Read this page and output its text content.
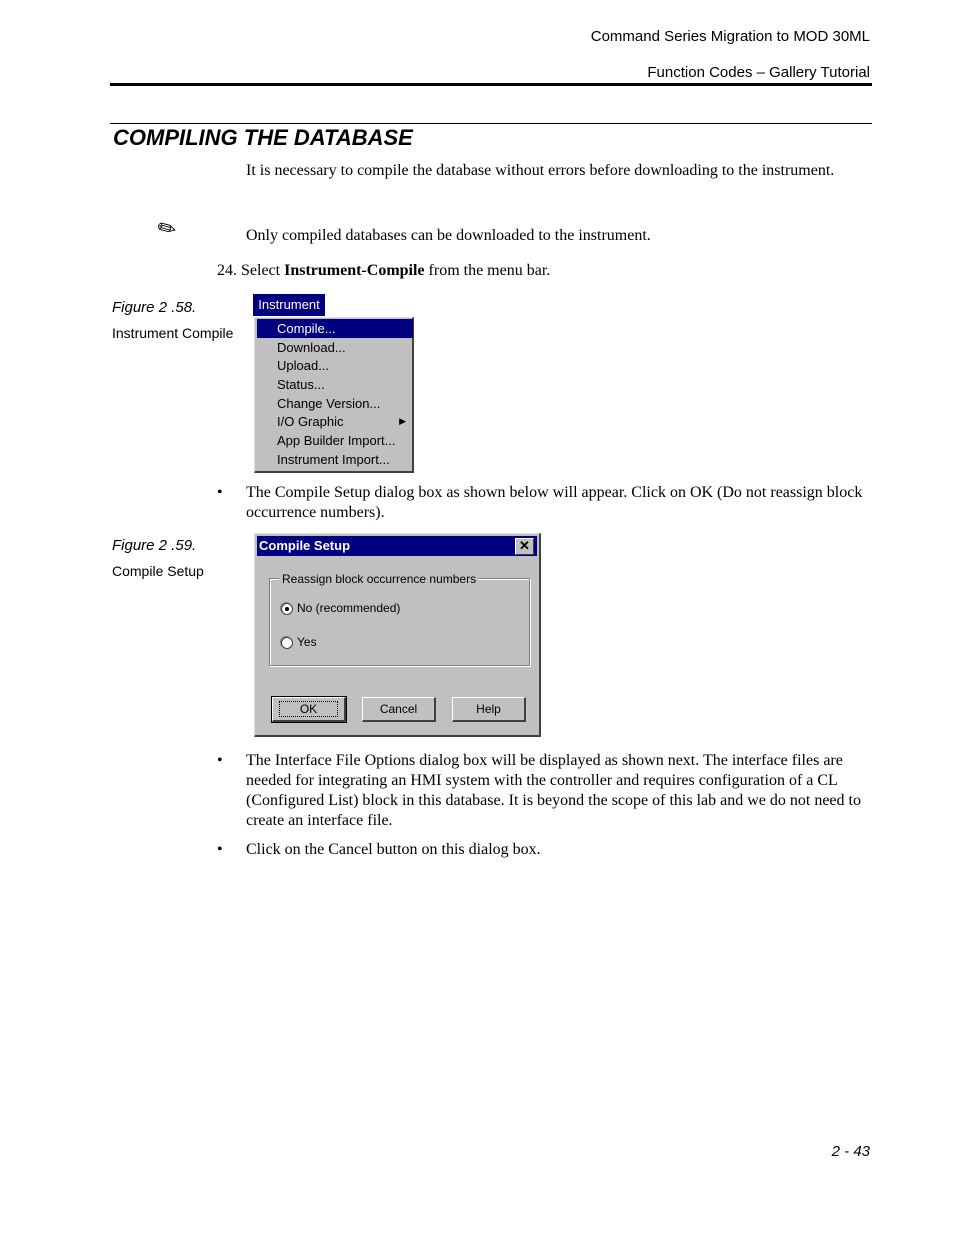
Command Series Migration to MOD 30ML
Function Codes – Gallery Tutorial
COMPILING THE DATABASE
It is necessary to compile the database without errors before downloading to the instrument.
✎	Only compiled databases can be downloaded to the instrument.
24. Select Instrument-Compile from the menu bar.
Figure 2 .58.
Instrument Compile
Instrument
Compile...
Download...
Upload...
Status...
Change Version...
I/O Graphic	▶
App Builder Import...
Instrument Import...
• The Compile Setup dialog box as shown below will appear. Click on OK (Do not reassign block occurrence numbers).
Figure 2 .59.
Compile Setup
Compile Setup	✕
Reassign block occurrence numbers
No (recommended)
Yes
OK	Cancel	Help
• The Interface File Options dialog box will be displayed as shown next. The interface files are needed for integrating an HMI system with the controller and requires configuration of a CL (Configured List) block in this database. It is beyond the scope of this lab and we do not need to create an interface file.
• Click on the Cancel button on this dialog box.
2 - 43
